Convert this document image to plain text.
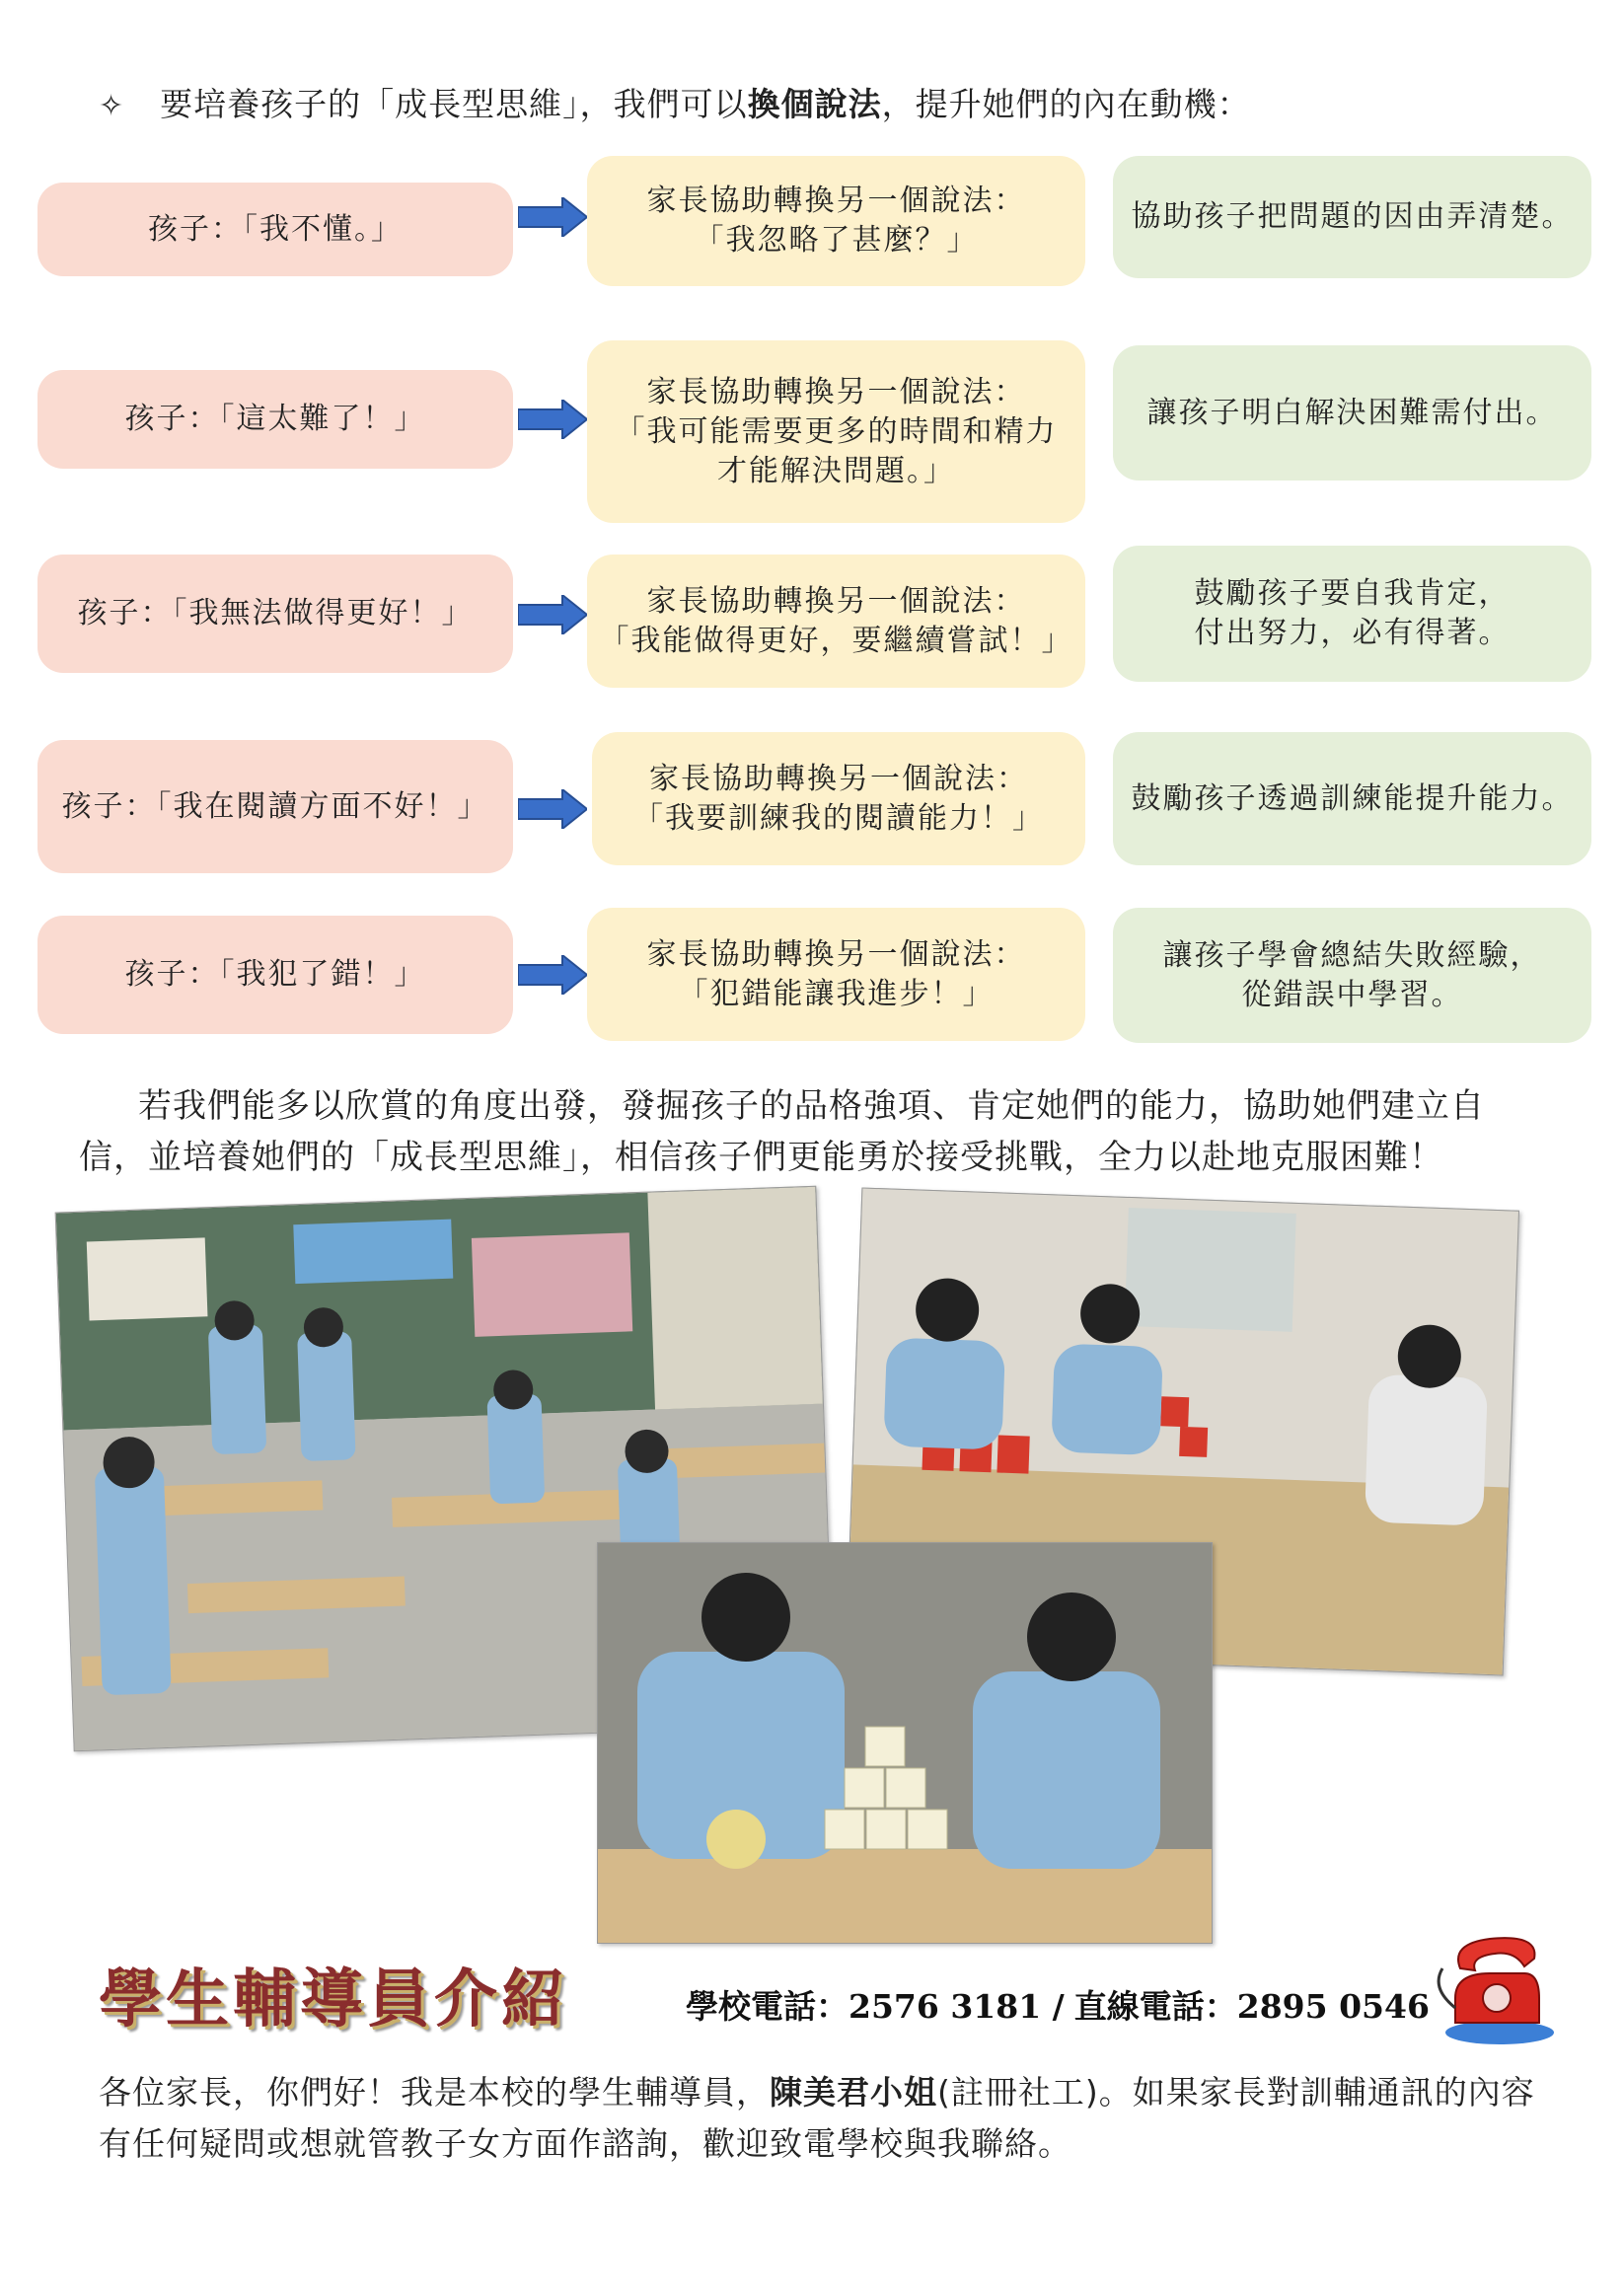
✧ 要培養孩子的「成長型思維」，我們可以換個說法，提升她們的內在動機：
孩子：「我不懂。」
家長協助轉換另一個說法：
「我忽略了甚麼？」
協助孩子把問題的因由弄清楚。
孩子：「這太難了！」
家長協助轉換另一個說法：
「我可能需要更多的時間和精力
才能解決問題。」
讓孩子明白解決困難需付出。
孩子：「我無法做得更好！」	家長協助轉換另一個說法：
「我能做得更好，要繼續嘗試！」
鼓勵孩子要自我肯定，
付出努力，必有得著。
孩子：「我在閱讀方面不好！」
家長協助轉換另一個說法：
「我要訓練我的閱讀能力！」
鼓勵孩子透過訓練能提升能力。
孩子：「我犯了錯！」
家長協助轉換另一個說法：
「犯錯能讓我進步！」
讓孩子學會總結失敗經驗，
從錯誤中學習。
若我們能多以欣賞的角度出發，發掘孩子的品格強項、肯定她們的能力，協助她們建立自信，並培養她們的「成長型思維」，相信孩子們更能勇於接受挑戰，全力以赴地克服困難！
學生輔導員介紹	學校電話：2576 3181 / 直線電話：2895 0546
各位家長，你們好！我是本校的學生輔導員，陳美君小姐(註冊社工)。如果家長對訓輔通訊的內容有任何疑問或想就管教子女方面作諮詢，歡迎致電學校與我聯絡。
